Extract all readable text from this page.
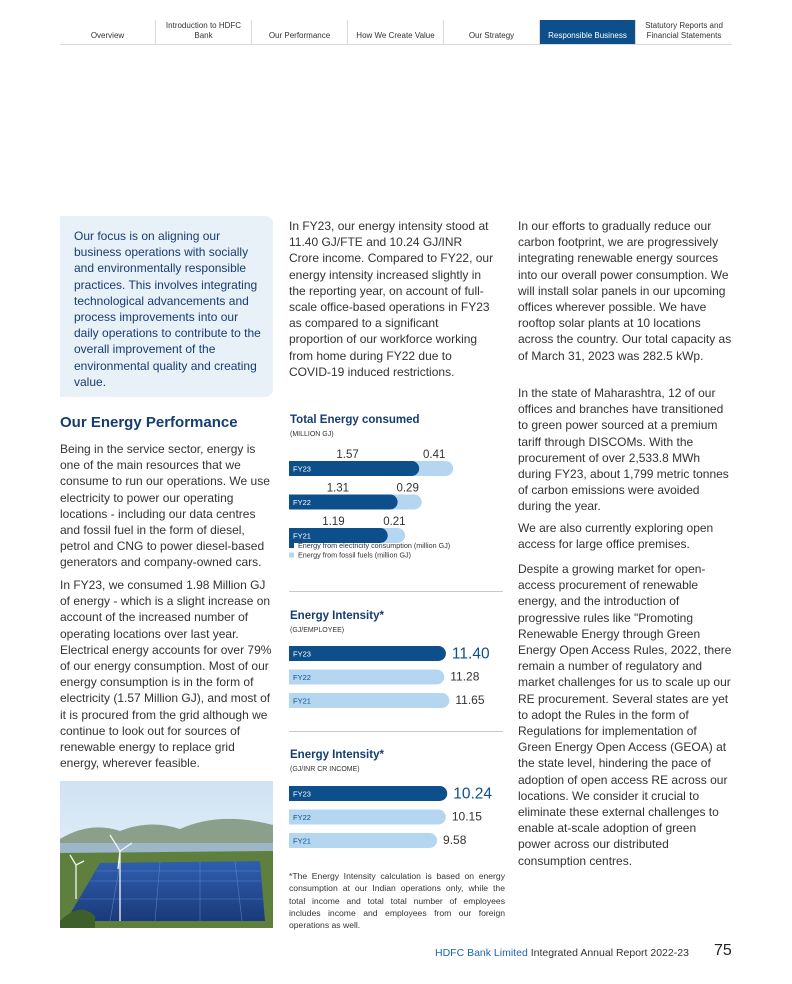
Overview
Introduction to HDFC Bank	Our Performance	How We Create Value	Our Strategy	Responsible Business
Statutory Reports and Financial Statements
Our focus is on aligning our business operations with socially and environmentally responsible practices. This involves integrating technological advancements and process improvements into our daily operations to contribute to the overall improvement of the environmental quality and creating value.
Our Energy Performance

Being in the service sector, energy is one of the main resources that we consume to run our operations. We use electricity to power our operating locations - including our data centres and fossil fuel in the form of diesel, petrol and CNG to power diesel-based generators and company-owned cars.

In FY23, we consumed 1.98 Million GJ of energy - which is a slight increase on account of the increased number of operating locations over last year. Electrical energy accounts for over 79% of our energy consumption. Most of our energy consumption is in the form of electricity (1.57 Million GJ), and most of it is procured from the grid although we continue to look out for sources of renewable energy to replace grid energy, wherever feasible.

In FY23, our energy intensity stood at 11.40 GJ/FTE and 10.24 GJ/INR Crore income. Compared to FY22, our energy intensity increased slightly in the reporting year, on account of full-scale office-based operations in FY23 as compared to a significant proportion of our workforce working from home during FY22 due to COVID-19 induced restrictions.

Total Energy consumed
(MILLION GJ)
FY23
1.57	0.41
FY22
1.31	0.29
FY21
1.19	0.21
Energy from electricity consumption (million GJ)
Energy from fossil fuels (million GJ)
Energy Intensity*
(GJ/EMPLOYEE)
FY23	11.40
FY22	11.28
FY21	11.65
Energy Intensity*
(GJ/INR CR INCOME)
FY23	10.24
FY22	10.15
FY21	9.58

*The Energy Intensity calculation is based on energy consumption at our Indian operations only, while the total income and total total number of employees includes income and employees from our foreign operations as well.

In our efforts to gradually reduce our carbon footprint, we are progressively integrating renewable energy sources into our overall power consumption. We will install solar panels in our upcoming offices wherever possible. We have rooftop solar plants at 10 locations across the country. Our total capacity as of March 31, 2023 was 282.5 kWp.

In the state of Maharashtra, 12 of our offices and branches have transitioned to green power sourced at a premium tariff through DISCOMs. With the procurement of over 2,533.8 MWh during FY23, about 1,799 metric tonnes of carbon emissions were avoided during the year.

We are also currently exploring open access for large office premises.

Despite a growing market for open-access procurement of renewable energy, and the introduction of progressive rules like "Promoting Renewable Energy through Green Energy Open Access Rules, 2022, there remain a number of regulatory and market challenges for us to scale up our RE procurement. Several states are yet to adopt the Rules in the form of Regulations for implementation of Green Energy Open Access (GEOA) at the state level, hindering the pace of adoption of open access RE across our locations. We consider it crucial to eliminate these external challenges to enable at-scale adoption of green power across our distributed consumption centres.

HDFC Bank Limited Integrated Annual Report 2022-23 75
